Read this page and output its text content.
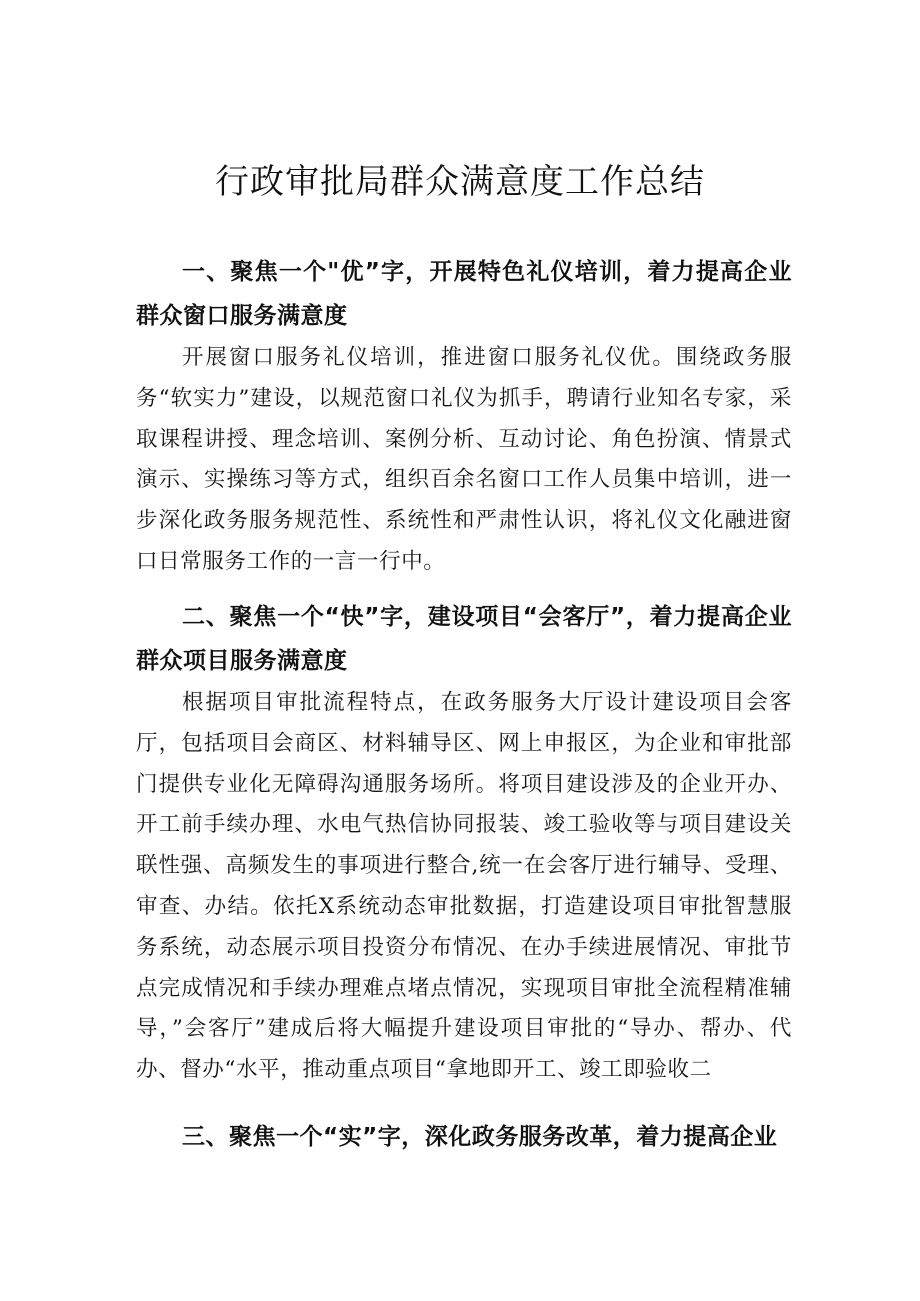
行政审批局群众满意度工作总结

一、聚焦一个"优”字，开展特色礼仪培训，着力提高企业群众窗口服务满意度

开展窗口服务礼仪培训，推进窗口服务礼仪优。围绕政务服务“软实力”建设，以规范窗口礼仪为抓手，聘请行业知名专家，采取课程讲授、理念培训、案例分析、互动讨论、角色扮演、情景式演示、实操练习等方式，组织百余名窗口工作人员集中培训，进一步深化政务服务规范性、系统性和严肃性认识，将礼仪文化融进窗口日常服务工作的一言一行中。

二、聚焦一个“快”字，建设项目“会客厅”，着力提高企业群众项目服务满意度

根据项目审批流程特点，在政务服务大厅设计建设项目会客厅，包括项目会商区、材料辅导区、网上申报区，为企业和审批部门提供专业化无障碍沟通服务场所。将项目建设涉及的企业开办、开工前手续办理、水电气热信协同报装、竣工验收等与项目建设关联性强、高频发生的事项进行整合,统一在会客厅进行辅导、受理、审查、办结。依托X系统动态审批数据，打造建设项目审批智慧服务系统，动态展示项目投资分布情况、在办手续进展情况、审批节点完成情况和手续办理难点堵点情况，实现项目审批全流程精准辅导，”会客厅”建成后将大幅提升建设项目审批的“导办、帮办、代办、督办“水平，推动重点项目“拿地即开工、竣工即验收二

三、聚焦一个“实”字，深化政务服务改革，着力提高企业
